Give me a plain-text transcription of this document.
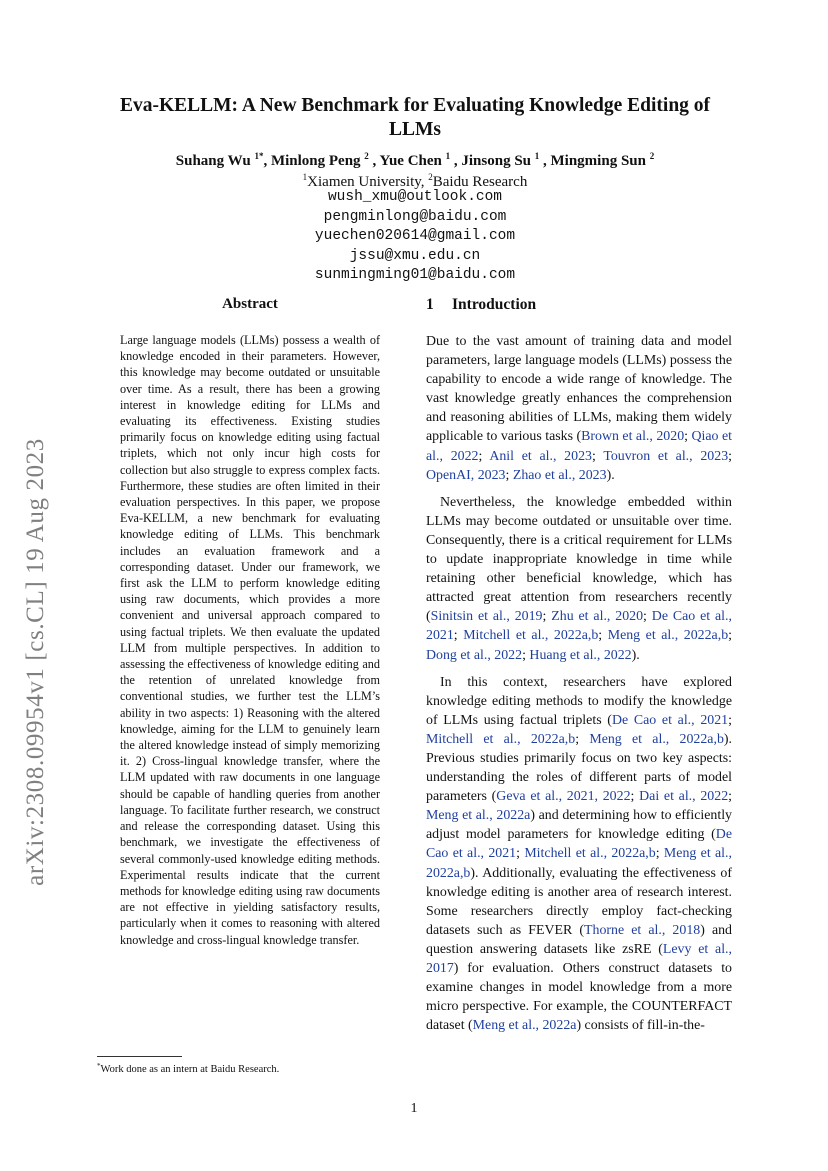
arXiv:2308.09954v1 [cs.CL] 19 Aug 2023
Eva-KELLM: A New Benchmark for Evaluating Knowledge Editing of LLMs
Suhang Wu $^{1*}$, Minlong Peng $^2$ , Yue Chen $^1$ , Jinsong Su $^1$ , Mingming Sun $^2$
$^1$Xiamen University, $^2$Baidu Research
wush_xmu@outlook.com
pengminlong@baidu.com
yuechen020614@gmail.com
jssu@xmu.edu.cn
sunmingming01@baidu.com
Abstract
Large language models (LLMs) possess a wealth of knowledge encoded in their parameters. However, this knowledge may become outdated or unsuitable over time. As a result, there has been a growing interest in knowledge editing for LLMs and evaluating its effectiveness. Existing studies primarily focus on knowledge editing using factual triplets, which not only incur high costs for collection but also struggle to express complex facts. Furthermore, these studies are often limited in their evaluation perspectives. In this paper, we propose Eva-KELLM, a new benchmark for evaluating knowledge editing of LLMs. This benchmark includes an evaluation framework and a corresponding dataset. Under our framework, we first ask the LLM to perform knowledge editing using raw documents, which provides a more convenient and universal approach compared to using factual triplets. We then evaluate the updated LLM from multiple perspectives. In addition to assessing the effectiveness of knowledge editing and the retention of unrelated knowledge from conventional studies, we further test the LLM’s ability in two aspects: 1) Reasoning with the altered knowledge, aiming for the LLM to genuinely learn the altered knowledge instead of simply memorizing it. 2) Cross-lingual knowledge transfer, where the LLM updated with raw documents in one language should be capable of handling queries from another language. To facilitate further research, we construct and release the corresponding dataset. Using this benchmark, we investigate the effectiveness of several commonly-used knowledge editing methods. Experimental results indicate that the current methods for knowledge editing using raw documents are not effective in yielding satisfactory results, particularly when it comes to reasoning with altered knowledge and cross-lingual knowledge transfer.
*Work done as an intern at Baidu Research.
1 Introduction

Due to the vast amount of training data and model parameters, large language models (LLMs) possess the capability to encode a wide range of knowledge. The vast knowledge greatly enhances the comprehension and reasoning abilities of LLMs, making them widely applicable to various tasks (Brown et al., 2020; Qiao et al., 2022; Anil et al., 2023; Touvron et al., 2023; OpenAI, 2023; Zhao et al., 2023).

Nevertheless, the knowledge embedded within LLMs may become outdated or unsuitable over time. Consequently, there is a critical requirement for LLMs to update inappropriate knowledge in time while retaining other beneficial knowledge, which has attracted great attention from researchers recently (Sinitsin et al., 2019; Zhu et al., 2020; De Cao et al., 2021; Mitchell et al., 2022a,b; Meng et al., 2022a,b; Dong et al., 2022; Huang et al., 2022).

In this context, researchers have explored knowledge editing methods to modify the knowledge of LLMs using factual triplets (De Cao et al., 2021; Mitchell et al., 2022a,b; Meng et al., 2022a,b). Previous studies primarily focus on two key aspects: understanding the roles of different parts of model parameters (Geva et al., 2021, 2022; Dai et al., 2022; Meng et al., 2022a) and determining how to efficiently adjust model parameters for knowledge editing (De Cao et al., 2021; Mitchell et al., 2022a,b; Meng et al., 2022a,b). Additionally, evaluating the effectiveness of knowledge editing is another area of research interest. Some researchers directly employ fact-checking datasets such as FEVER (Thorne et al., 2018) and question answering datasets like zsRE (Levy et al., 2017) for evaluation. Others construct datasets to examine changes in model knowledge from a more micro perspective. For example, the COUNTERFACT dataset (Meng et al., 2022a) consists of fill-in-the-

1
